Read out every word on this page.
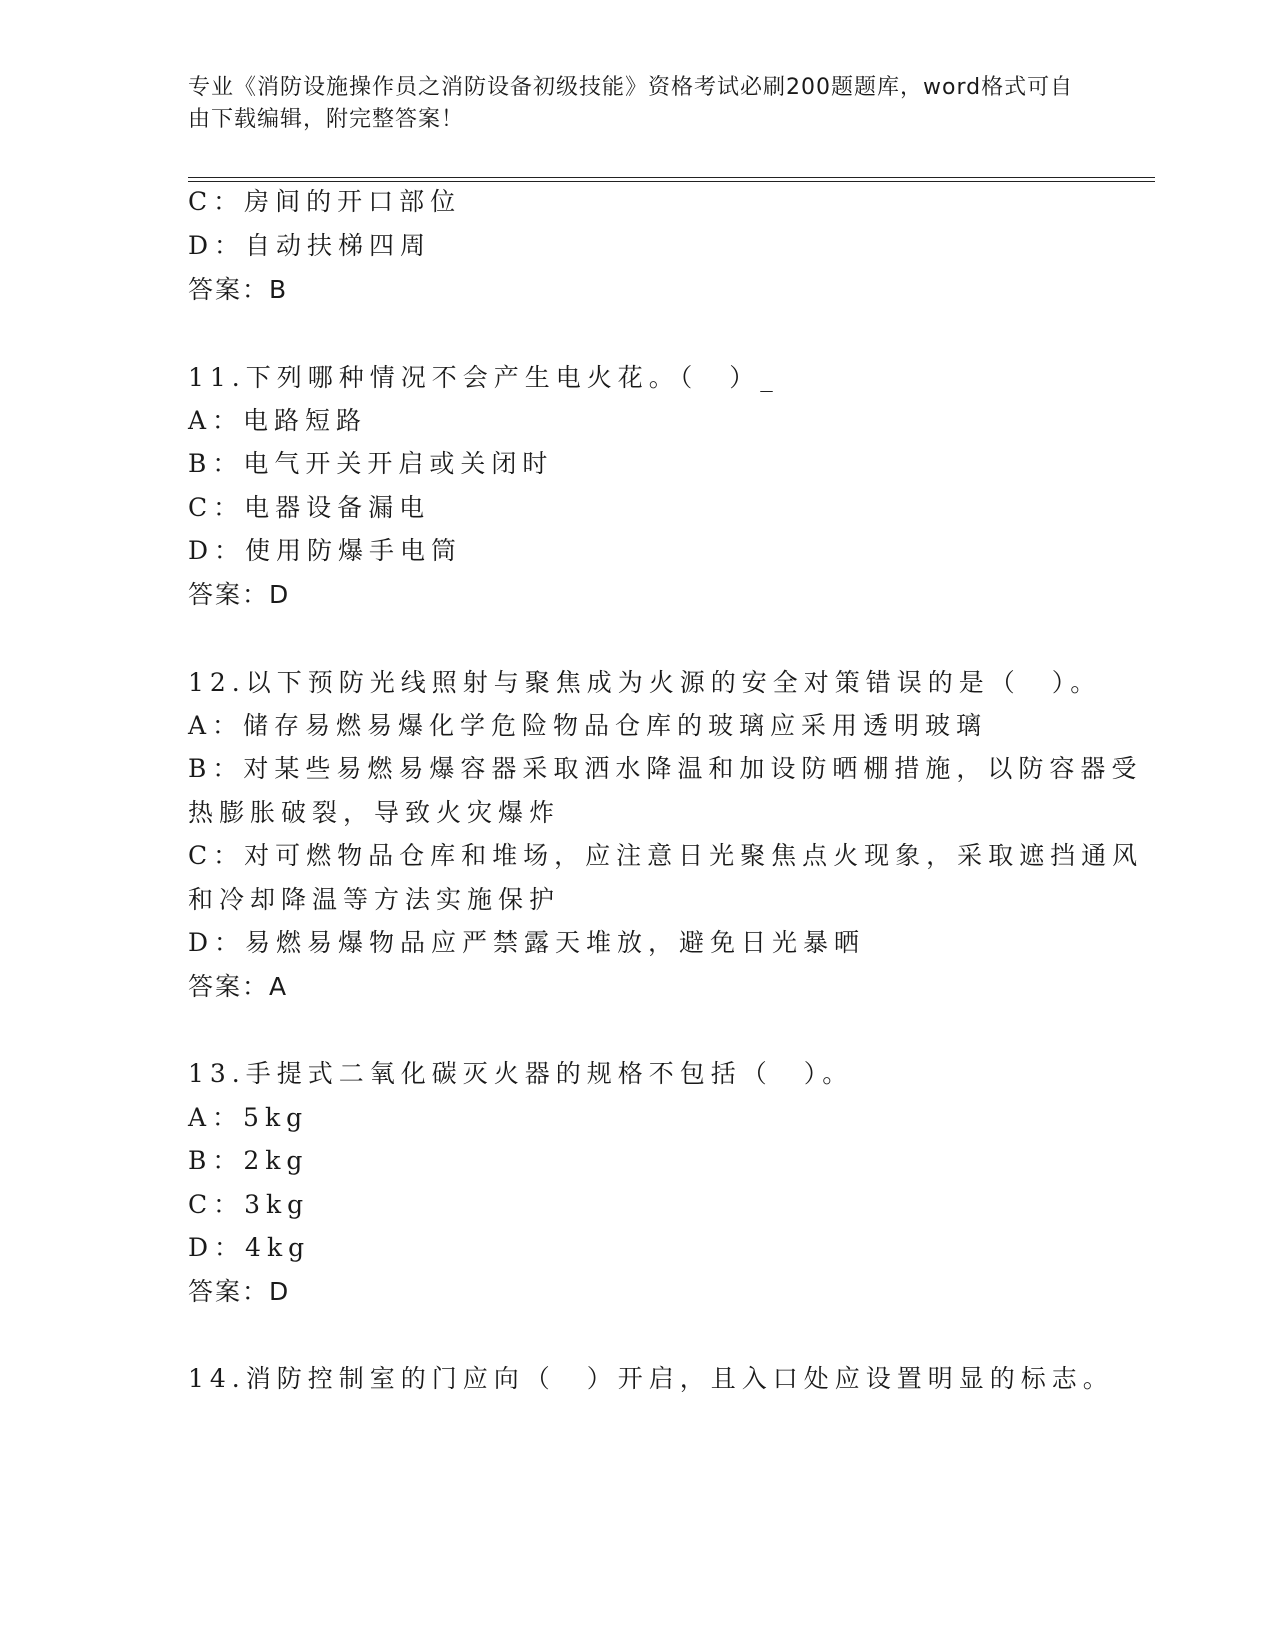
专业《消防设施操作员之消防设备初级技能》资格考试必刷200题题库，word格式可自由下载编辑，附完整答案！
C：房间的开口部位
D：自动扶梯四周
答案：B
11.下列哪种情况不会产生电火花。（　）_
A：电路短路
B：电气开关开启或关闭时
C：电器设备漏电
D：使用防爆手电筒
答案：D
12.以下预防光线照射与聚焦成为火源的安全对策错误的是（　）。
A：储存易燃易爆化学危险物品仓库的玻璃应采用透明玻璃
B：对某些易燃易爆容器采取洒水降温和加设防晒棚措施，以防容器受
热膨胀破裂，导致火灾爆炸
C：对可燃物品仓库和堆场，应注意日光聚焦点火现象，采取遮挡通风
和冷却降温等方法实施保护
D：易燃易爆物品应严禁露天堆放，避免日光暴晒
答案：A
13.手提式二氧化碳灭火器的规格不包括（　）。
A：5kg
B：2kg
C：3kg
D：4kg
答案：D
14.消防控制室的门应向（　）开启，且入口处应设置明显的标志。
